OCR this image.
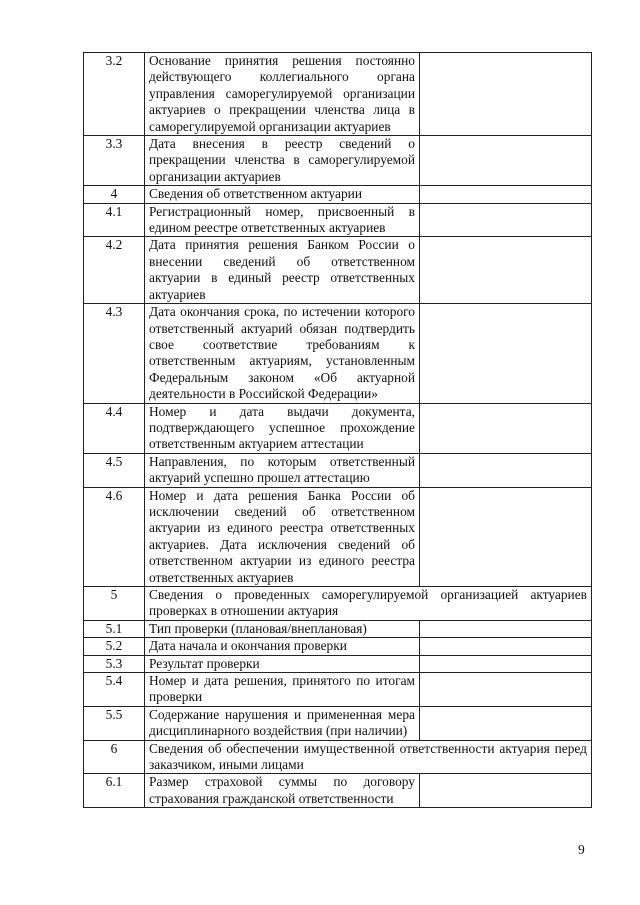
3.2	Основание принятия решения постоянно действующего коллегиального органа управления саморегулируемой организации актуариев о прекращении членства лица в саморегулируемой организации актуариев	
3.3	Дата внесения в реестр сведений о прекращении членства в саморегулируемой организации актуариев	
4	Сведения об ответственном актуарии	
4.1	Регистрационный номер, присвоенный в едином реестре ответственных актуариев	
4.2	Дата принятия решения Банком России о внесении сведений об ответственном актуарии в единый реестр ответственных актуариев	
4.3	Дата окончания срока, по истечении которого ответственный актуарий обязан подтвердить свое соответствие требованиям к ответственным актуариям, установленным Федеральным законом «Об актуарной деятельности в Российской Федерации»	
4.4	Номер и дата выдачи документа, подтверждающего успешное прохождение ответственным актуарием аттестации	
4.5	Направления, по которым ответственный актуарий успешно прошел аттестацию	
4.6	Номер и дата решения Банка России об исключении сведений об ответственном актуарии из единого реестра ответственных актуариев. Дата исключения сведений об ответственном актуарии из единого реестра ответственных актуариев	
5	Сведения о проведенных саморегулируемой организацией актуариев проверках в отношении актуария	
5.1	Тип проверки (плановая/внеплановая)	
5.2	Дата начала и окончания проверки	
5.3	Результат проверки	
5.4	Номер и дата решения, принятого по итогам проверки	
5.5	Содержание нарушения и примененная мера дисциплинарного воздействия (при наличии)	
6	Сведения об обеспечении имущественной ответственности актуария перед заказчиком, иными лицами	
6.1	Размер страховой суммы по договору страхования гражданской ответственности	
9
